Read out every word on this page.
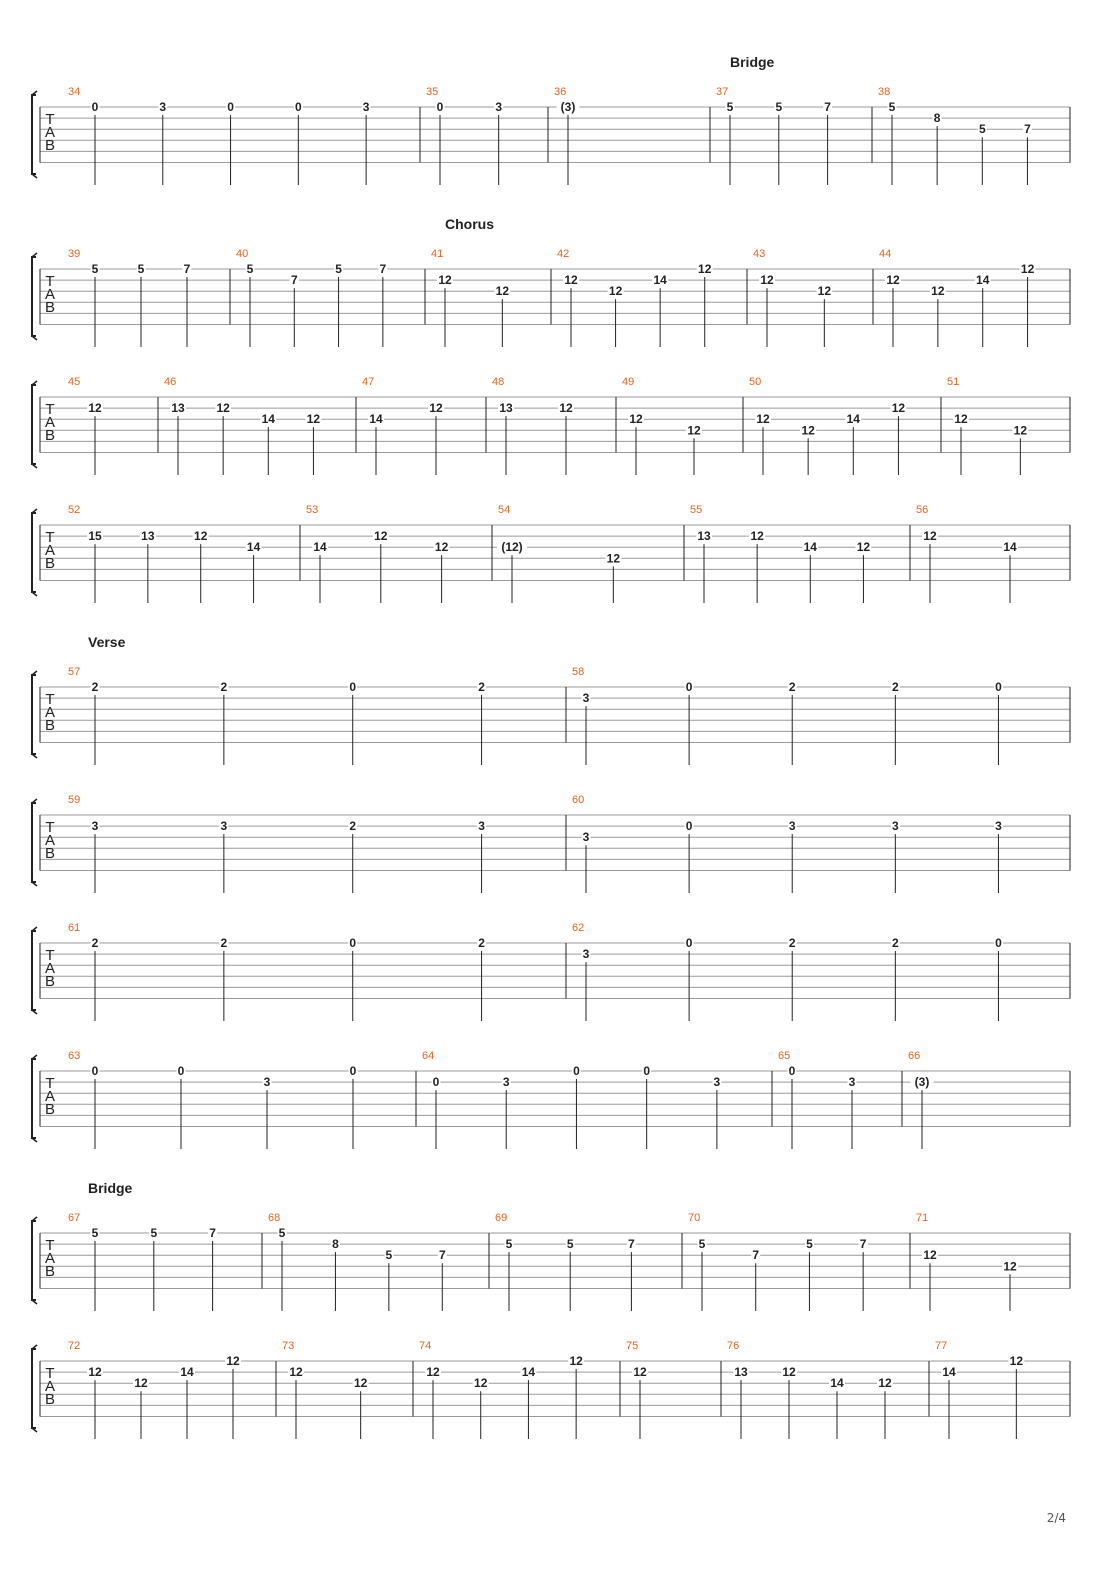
Bridge
T
A
B
34
0	3	0	0	3
35
0	3
36
(3)
37
5	5	7
38
5
8
5	7
Chorus
T
A
B
39
5	5	7
40
5
7
5	7
41
12
12
42
12
12
14
12
43
12
12
44
12
12
14
12
T
A
B
45
12
46
13	12
14	12
47
14
12
48
13	12
49
12
12
50
12
12
14
12
51
12
12
T
A
B
52
15	13	12
14
53
14
12
12
54
(12)
12
55
13	12
14	12
56
12
14
Verse
T
A
B
57
2	2	0	2
58
3
0	2	2	0
T
A
B
59
3	3	2	3
60
3
0	3	3	3
T
A
B
61
2	2	0	2
62
3
0	2	2	0
T
A
B
63
0	0
3
0
64
0	3
0	0
3
65
0
3
66
(3)
Bridge
T
A
B
67
5	5	7
68
5
8
5	7
69
5	5	7
70
5
7
5	7
71
12
12
T
A
B
72
12
12
14
12
73
12
12
74
12
12
14
12
75
12
76
13	12
14	12
77
14
12
2/4
